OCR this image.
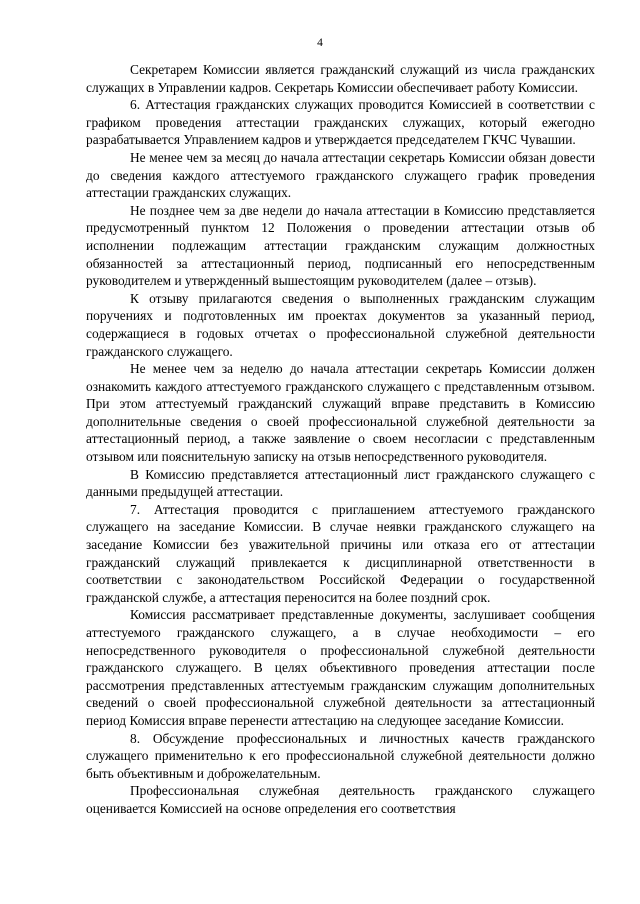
4

Секретарем Комиссии является гражданский служащий из числа гражданских служащих в Управлении кадров. Секретарь Комиссии обеспечивает работу Комиссии.

6. Аттестация гражданских служащих проводится Комиссией в соответствии с графиком проведения аттестации гражданских служащих, который ежегодно разрабатывается Управлением кадров и утверждается председателем ГКЧС Чувашии.

Не менее чем за месяц до начала аттестации секретарь Комиссии обязан довести до сведения каждого аттестуемого гражданского служащего график проведения аттестации гражданских служащих.

Не позднее чем за две недели до начала аттестации в Комиссию представляется предусмотренный пунктом 12 Положения о проведении аттестации отзыв об исполнении подлежащим аттестации гражданским служащим должностных обязанностей за аттестационный период, подписанный его непосредственным руководителем и утвержденный вышестоящим руководителем (далее – отзыв).

К отзыву прилагаются сведения о выполненных гражданским служащим поручениях и подготовленных им проектах документов за указанный период, содержащиеся в годовых отчетах о профессиональной служебной деятельности гражданского служащего.

Не менее чем за неделю до начала аттестации секретарь Комиссии должен ознакомить каждого аттестуемого гражданского служащего с представленным отзывом. При этом аттестуемый гражданский служащий вправе представить в Комиссию дополнительные сведения о своей профессиональной служебной деятельности за аттестационный период, а также заявление о своем несогласии с представленным отзывом или пояснительную записку на отзыв непосредственного руководителя.

В Комиссию представляется аттестационный лист гражданского служащего с данными предыдущей аттестации.

7. Аттестация проводится с приглашением аттестуемого гражданского служащего на заседание Комиссии. В случае неявки гражданского служащего на заседание Комиссии без уважительной причины или отказа его от аттестации гражданский служащий привлекается к дисциплинарной ответственности в соответствии с законодательством Российской Федерации о государственной гражданской службе, а аттестация переносится на более поздний срок.

Комиссия рассматривает представленные документы, заслушивает сообщения аттестуемого гражданского служащего, а в случае необходимости – его непосредственного руководителя о профессиональной служебной деятельности гражданского служащего. В целях объективного проведения аттестации после рассмотрения представленных аттестуемым гражданским служащим дополнительных сведений о своей профессиональной служебной деятельности за аттестационный период Комиссия вправе перенести аттестацию на следующее заседание Комиссии.

8. Обсуждение профессиональных и личностных качеств гражданского служащего применительно к его профессиональной служебной деятельности должно быть объективным и доброжелательным.

Профессиональная служебная деятельность гражданского служащего оценивается Комиссией на основе определения его соответствия
